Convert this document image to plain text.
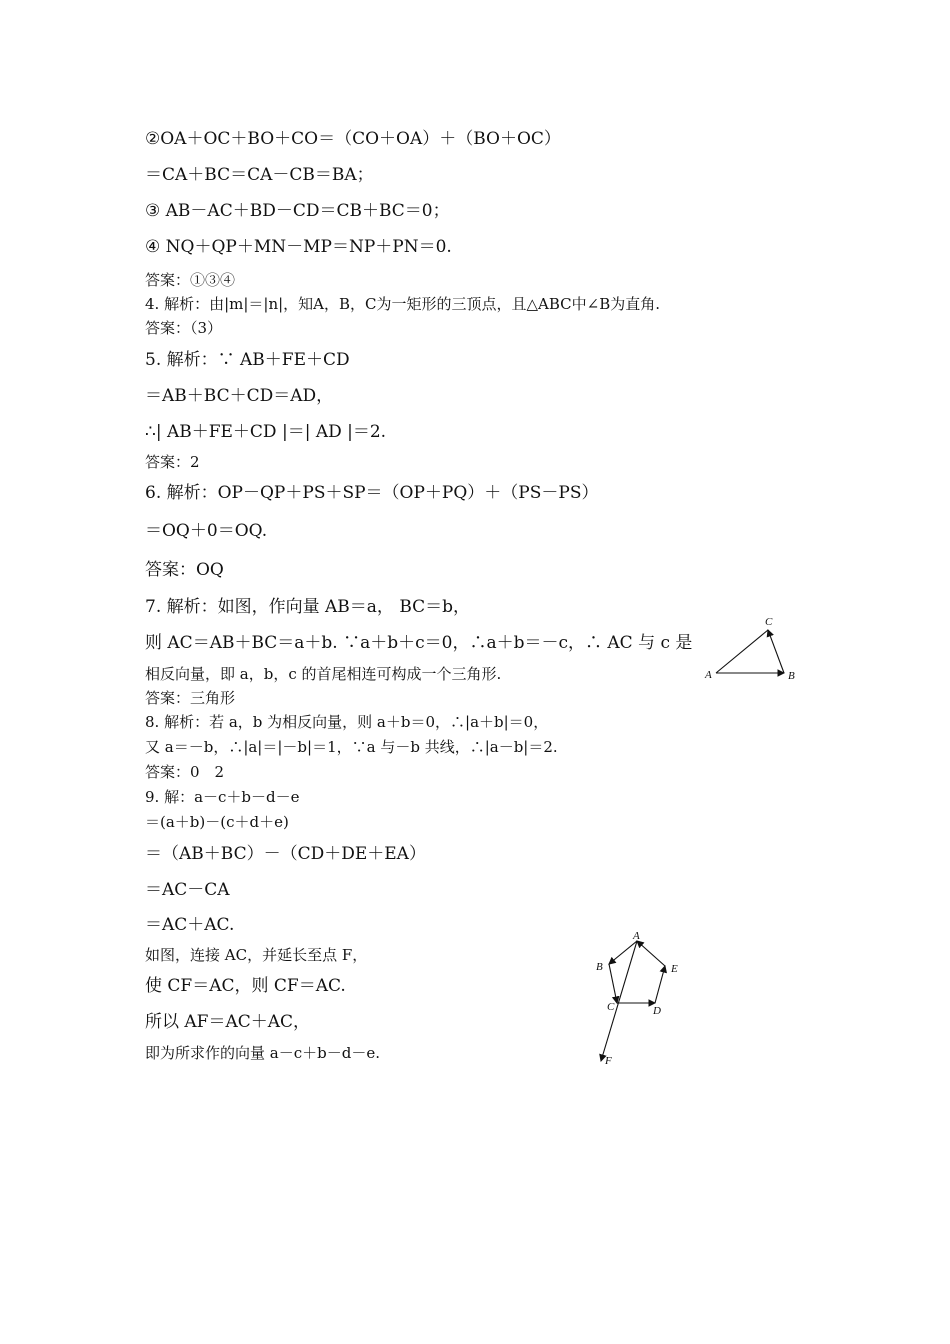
②OA＋OC＋BO＋CO＝（CO＋OA）＋（BO＋OC）
＝CA＋BC＝CA－CB＝BA；
③ AB－AC＋BD－CD＝CB＋BC＝0；
④ NQ＋QP＋MN－MP＝NP＋PN＝0.
答案：①③④
4. 解析：由|m|＝|n|，知A，B，C为一矩形的三顶点，且△ABC中∠B为直角.
答案：（3）
5. 解析：∵ AB＋FE＋CD
＝AB＋BC＋CD＝AD，
∴| AB＋FE＋CD |＝| AD |＝2.
答案：2
6. 解析：OP－QP＋PS＋SP＝（OP＋PQ）＋（PS－PS）
＝OQ＋0＝OQ.
答案：OQ
7. 解析：如图，作向量 AB＝a， BC＝b，
则 AC＝AB＋BC＝a＋b. ∵a＋b＋c＝0，∴a＋b＝－c，∴ AC 与 c 是
相反向量，即 a，b，c 的首尾相连可构成一个三角形.
答案：三角形
8. 解析：若 a，b 为相反向量，则 a＋b＝0，∴|a＋b|＝0，
又 a＝－b，∴|a|＝|－b|＝1，∵a 与－b 共线，∴|a－b|＝2.
答案：0　2
9. 解：a－c＋b－d－e
＝(a＋b)－(c＋d＋e)
＝（AB＋BC）－（CD＋DE＋EA）
＝AC－CA
＝AC＋AC.
如图，连接 AC，并延长至点 F，
使 CF＝AC，则 CF＝AC.
所以 AF＝AC＋AC，
即为所求作的向量 a－c＋b－d－e.
A	B
C
A
B
C	D
E
F
